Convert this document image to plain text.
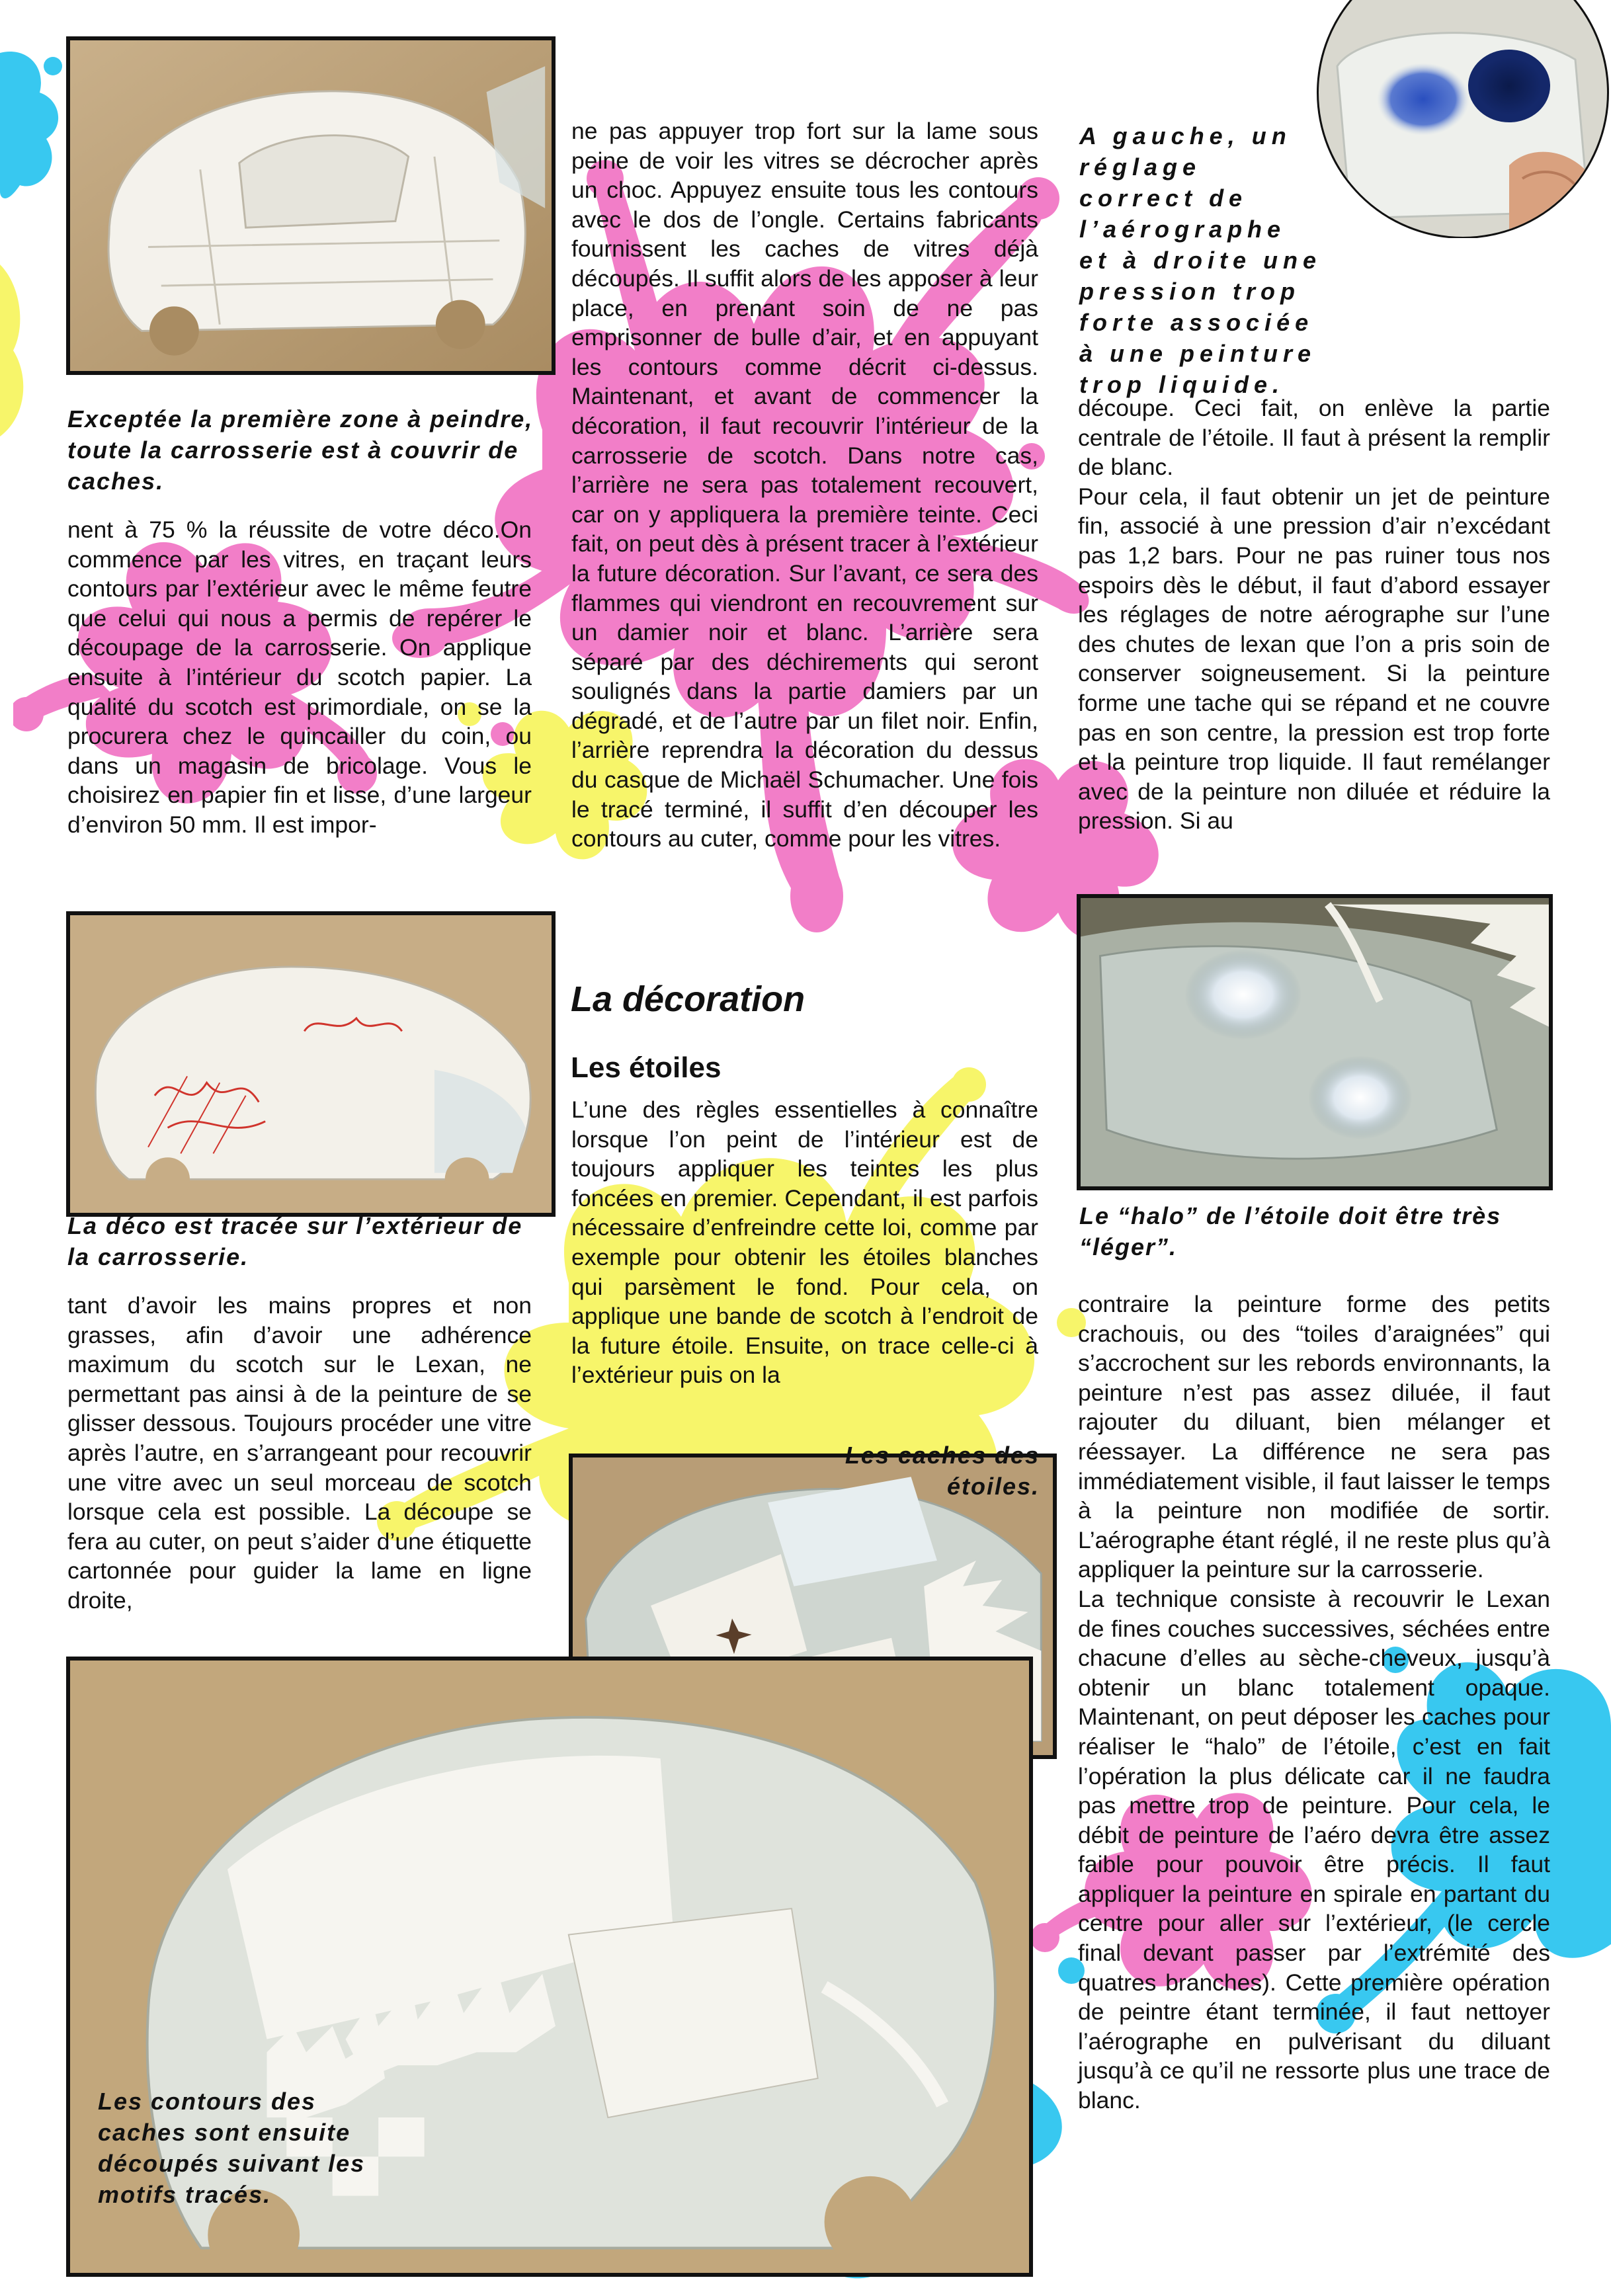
Exceptée la première zone à peindre, toute la carrosserie est à couvrir de caches.

La déco est tracée sur l’extérieur de la carrosserie.

Les contours des caches sont ensuite découpés suivant les motifs tracés.

A gauche, un réglage correct de l’aérographe et à droite une pression trop forte associée à une peinture trop liquide.

Les caches des étoiles.

Le “halo” de l’étoile doit être très “léger”.

La décoration
Les étoiles

nent à 75 % la réussite de votre déco.On commence par les vitres, en traçant leurs contours par l’extérieur avec le même feutre que celui qui nous a permis de repérer le découpage de la carrosserie. On applique ensuite à l’intérieur du scotch papier. La qualité du scotch est primordiale, on se la procurera chez le quincailler du coin, ou dans un magasin de bricolage. Vous le choisirez en papier fin et lisse, d’une largeur d’environ 50 mm. Il est impor-

tant d’avoir les mains propres et non grasses, afin d’avoir une adhérence maximum du scotch sur le Lexan, ne permettant pas ainsi à de la peinture de se glisser dessous. Toujours procéder une vitre après l’autre, en s’arrangeant pour recouvrir une vitre avec un seul morceau de scotch lorsque cela est possible. La découpe se fera au cuter, on peut s’aider d’une étiquette cartonnée pour guider la lame en ligne droite,

ne pas appuyer trop fort sur la lame sous peine de voir les vitres se décrocher après un choc. Appuyez ensuite tous les contours avec le dos de l’ongle. Certains fabricants fournissent les caches de vitres déjà découpés. Il suffit alors de les apposer à leur place, en prenant soin de ne pas emprisonner de bulle d’air, et en appuyant les contours comme décrit ci-dessus. Maintenant, et avant de commencer la décoration, il faut recouvrir l’intérieur de la carrosserie de scotch. Dans notre cas, l’arrière ne sera pas totalement recouvert, car on y appliquera la première teinte. Ceci fait, on peut dès à présent tracer à l’extérieur la future décoration. Sur l’avant, ce sera des flammes qui viendront en recouvrement sur un damier noir et blanc. L’arrière sera séparé par des déchirements qui seront soulignés dans la partie damiers par un dégradé, et de l’autre par un filet noir. Enfin, l’arrière reprendra la décoration du dessus du casque de Michaël Schumacher. Une fois le tracé terminé, il suffit d’en découper les contours au cuter, comme pour les vitres.

L’une des règles essentielles à connaître lorsque l’on peint de l’intérieur est de toujours appliquer les teintes les plus foncées en premier. Cependant, il est parfois nécessaire d’enfreindre cette loi, comme par exemple pour obtenir les étoiles blanches qui parsèment le fond. Pour cela, on applique une bande de scotch à l’endroit de la future étoile. Ensuite, on trace celle-ci à l’extérieur puis on la

découpe. Ceci fait, on enlève la partie centrale de l’étoile. Il faut à présent la remplir de blanc.

Pour cela, il faut obtenir un jet de peinture fin, associé à une pression d’air n’excédant pas 1,2 bars. Pour ne pas ruiner tous nos espoirs dès le début, il faut d’abord essayer les réglages de notre aérographe sur l’une des chutes de lexan que l’on a pris soin de conserver soigneusement. Si la peinture forme une tache qui se répand et ne couvre pas en son centre, la pression est trop forte et la peinture trop liquide. Il faut remélanger avec de la peinture non diluée et réduire la pression. Si au

contraire la peinture forme des petits crachouis, ou des “toiles d’araignées” qui s’accrochent sur les rebords environnants, la peinture n’est pas assez diluée, il faut rajouter du diluant, bien mélanger et réessayer. La différence ne sera pas immédiatement visible, il faut laisser le temps à la peinture non modifiée de sortir. L’aérographe étant réglé, il ne reste plus qu’à appliquer la peinture sur la carrosserie.

La technique consiste à recouvrir le Lexan de fines couches successives, séchées entre chacune d’elles au sèche-cheveux, jusqu’à obtenir un blanc totalement opaque. Maintenant, on peut déposer les caches pour réaliser le “halo” de l’étoile, c’est en fait l’opération la plus délicate car il ne faudra pas mettre trop de peinture. Pour cela, le débit de peinture de l’aéro devra être assez faible pour pouvoir être précis. Il faut appliquer la peinture en spirale en partant du centre pour aller sur l’extérieur, (le cercle final devant passer par l’extrémité des quatres branches). Cette première opération de peintre étant terminée, il faut nettoyer l’aérographe en pulvérisant du diluant jusqu’à ce qu’il ne ressorte plus une trace de blanc.
